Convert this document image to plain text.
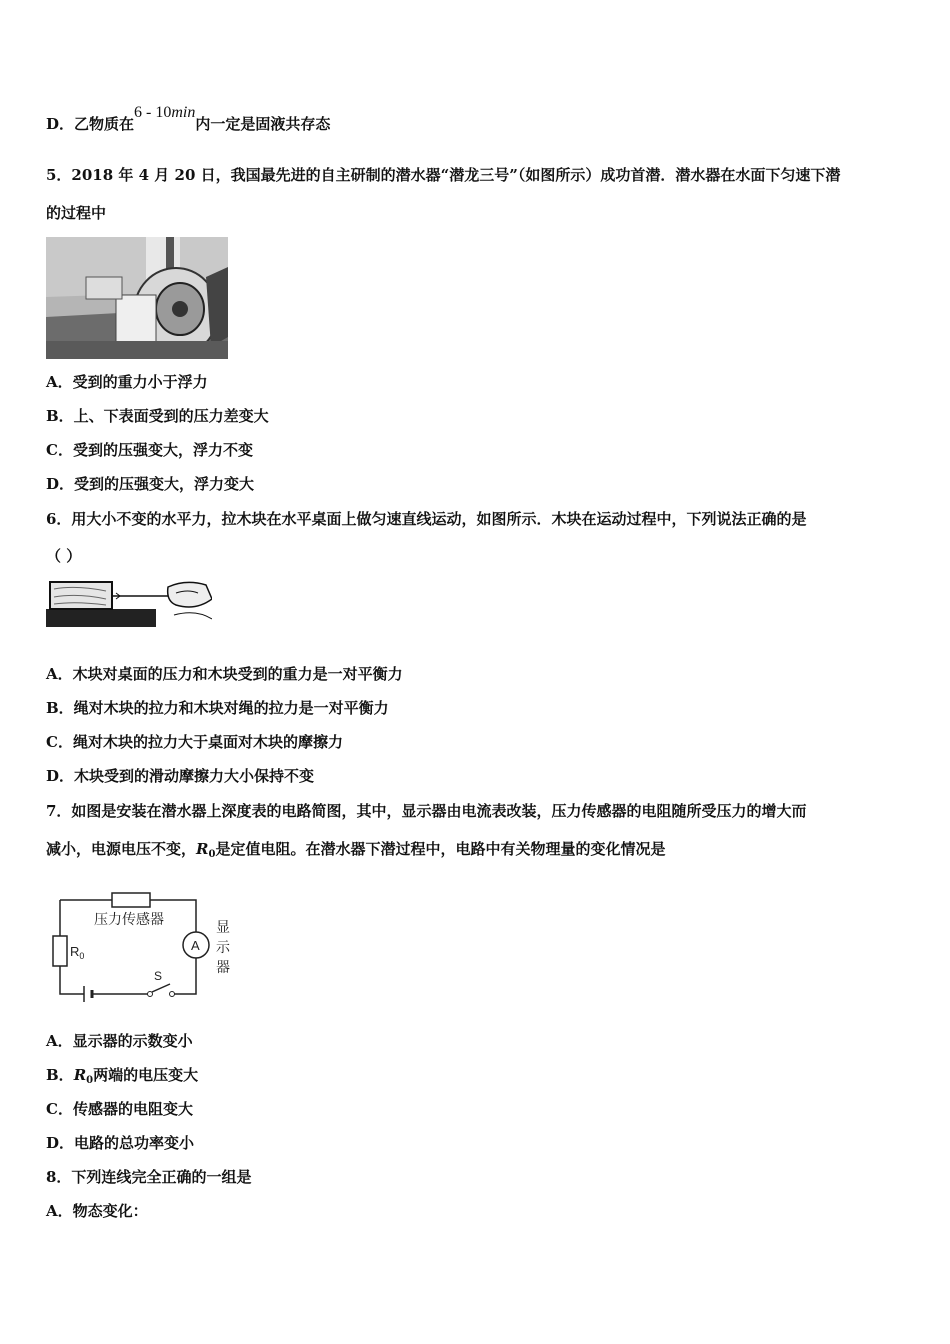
D．乙物质在6 - 10min内一定是固液共存态
5．2018 年 4 月 20 日，我国最先进的自主研制的潜水器“潜龙三号”（如图所示）成功首潜．潜水器在水面下匀速下潜
的过程中
A．受到的重力小于浮力
B．上、下表面受到的压力差变大
C．受到的压强变大，浮力不变
D．受到的压强变大，浮力变大
6．用大小不变的水平力，拉木块在水平桌面上做匀速直线运动，如图所示．木块在运动过程中，下列说法正确的是
（ ）
A．木块对桌面的压力和木块受到的重力是一对平衡力
B．绳对木块的拉力和木块对绳的拉力是一对平衡力
C．绳对木块的拉力大于桌面对木块的摩擦力
D．木块受到的滑动摩擦力大小保持不变
7．如图是安装在潜水器上深度表的电路简图，其中，显示器由电流表改装，压力传感器的电阻随所受压力的增大而
减小，电源电压不变，$R_0$是定值电阻。在潜水器下潜过程中，电路中有关物理量的变化情况是
压力传感器
$R_0$
A
显
示
器
S
A．显示器的示数变小
B．$R_0$两端的电压变大
C．传感器的电阻变大
D．电路的总功率变小
8．下列连线完全正确的一组是
A．物态变化：
